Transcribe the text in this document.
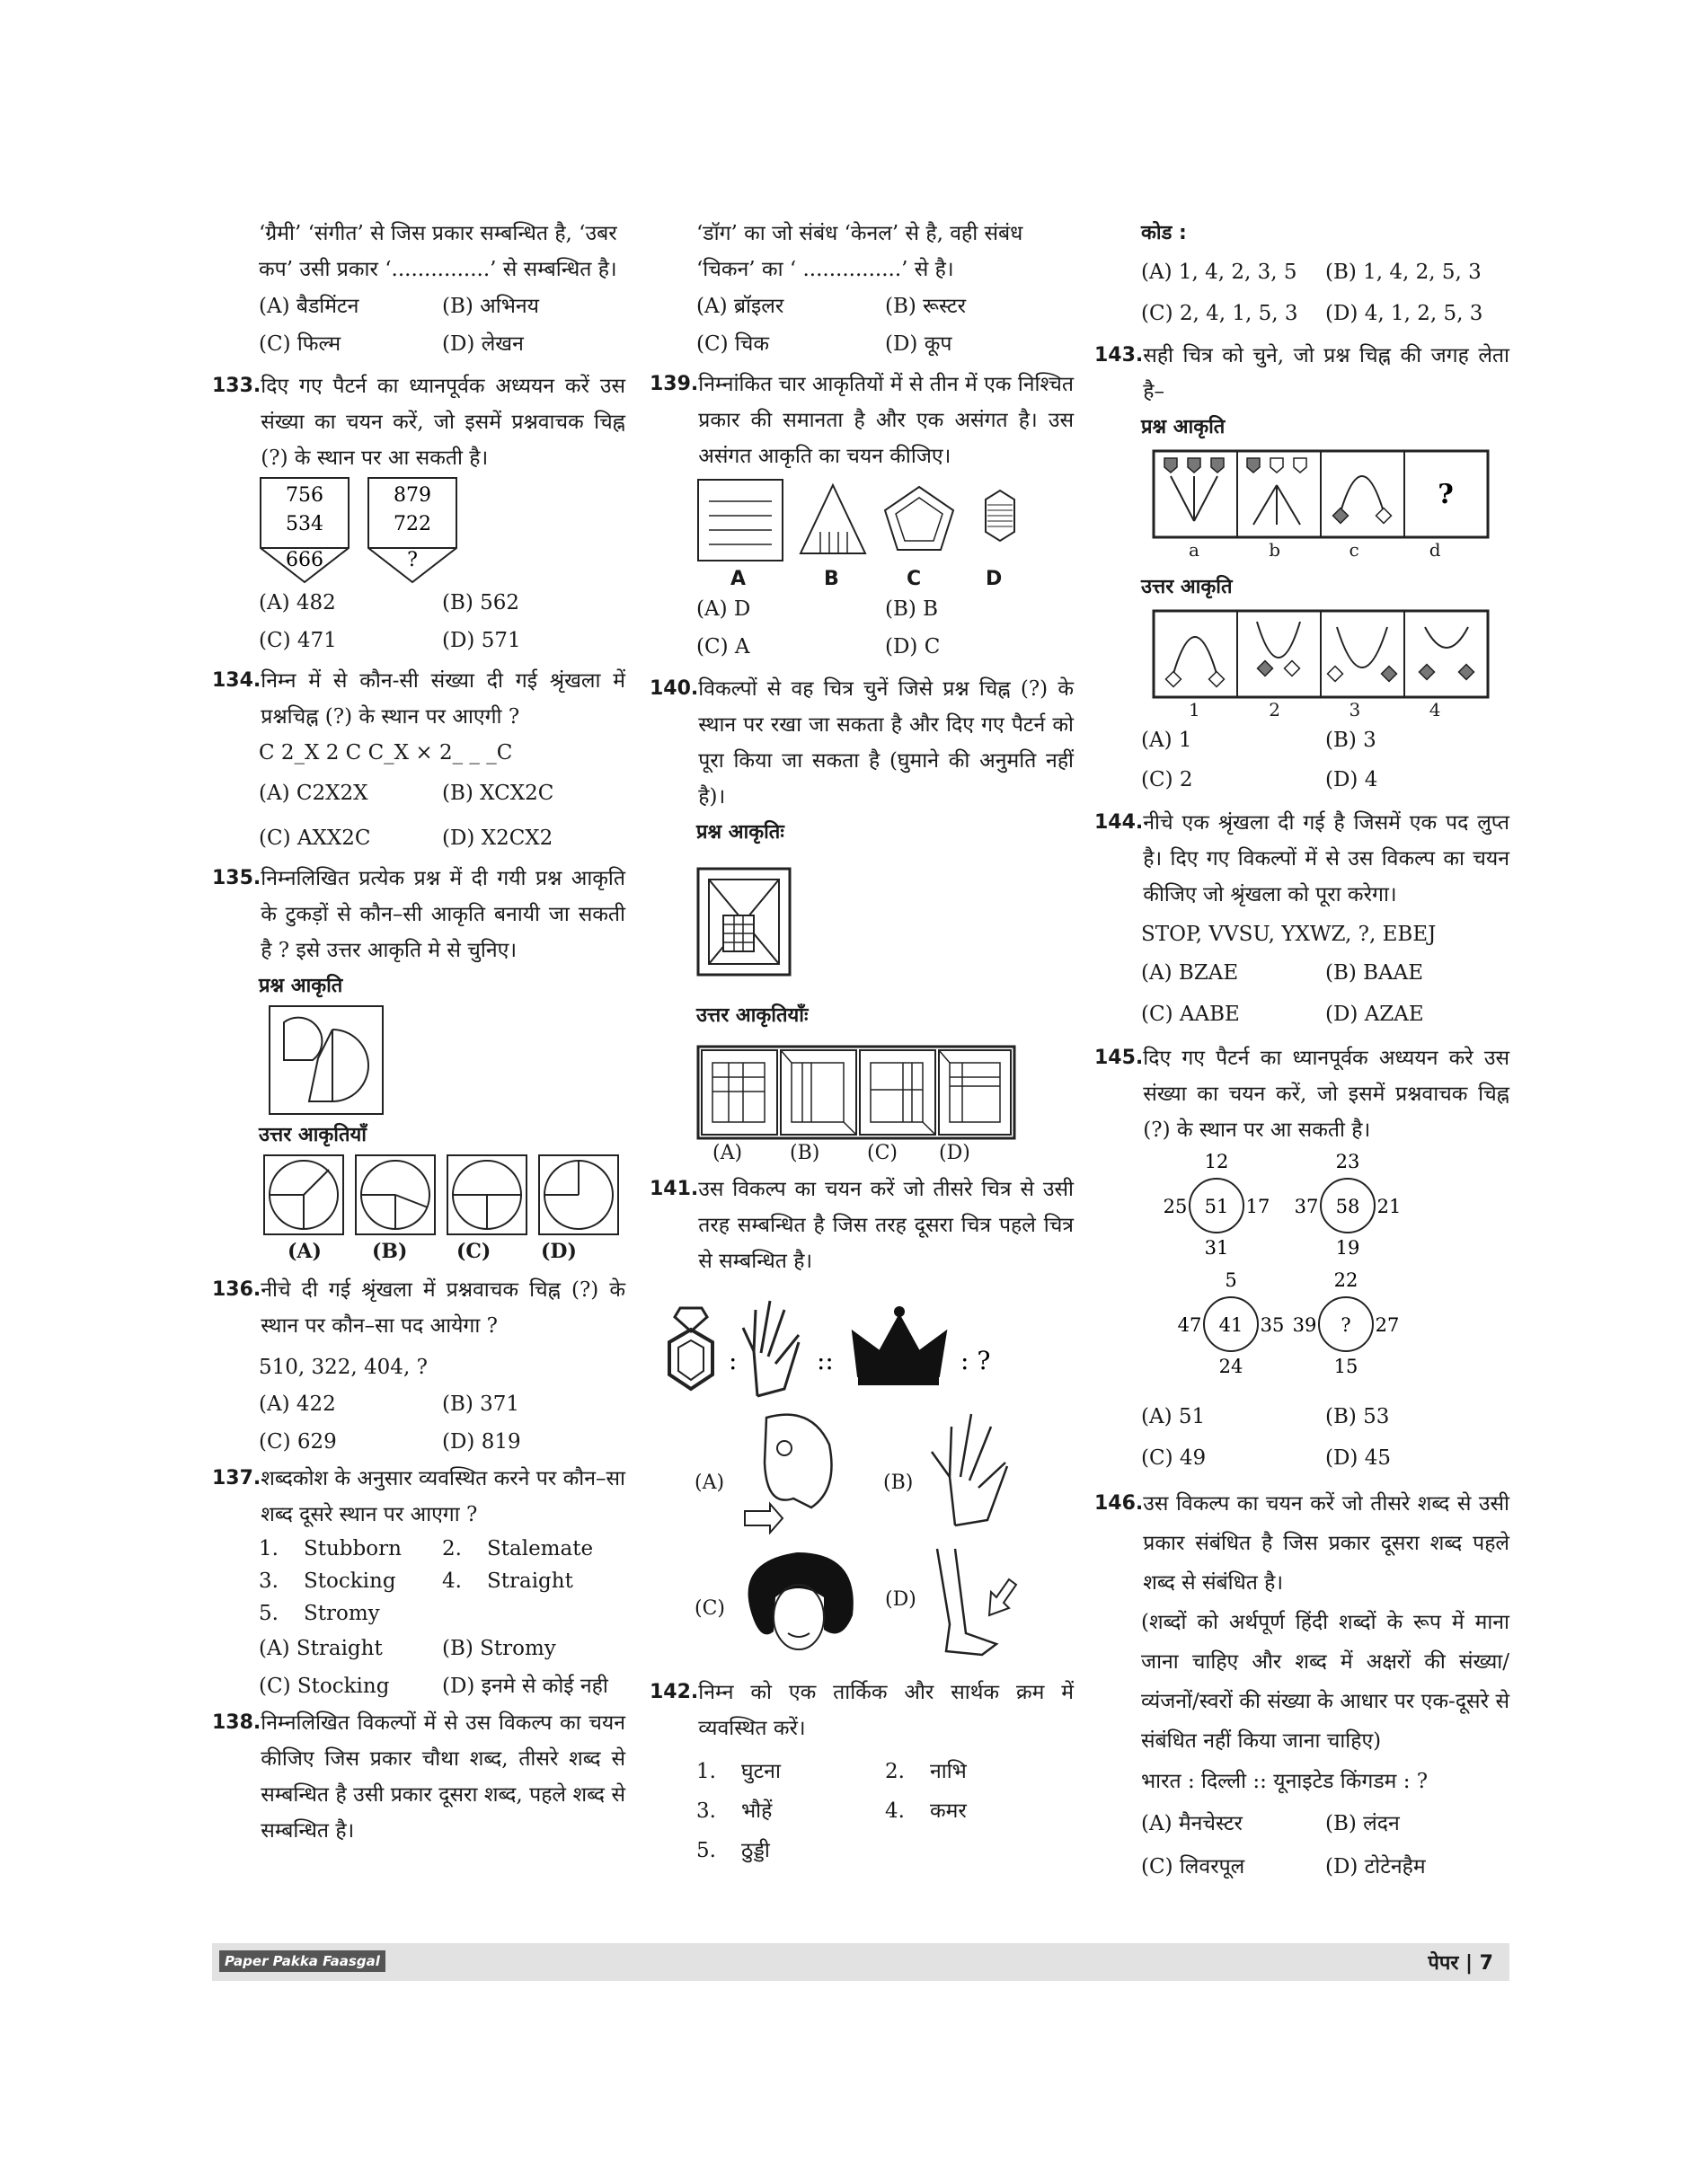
‘ग्रैमी’ ‘संगीत’ से जिस प्रकार सम्बन्धित है, ‘उबर
कप’ उसी प्रकार ‘...............’ से सम्बन्धित है।
(A) बैडमिंटन	(B) अभिनय
(C) फिल्म	(D) लेखन
133. दिए गए पैटर्न का ध्यानपूर्वक अध्ययन करें उस संख्या का चयन करें, जो इसमें प्रश्नवाचक चिह्न (?) के स्थान पर आ सकती है।
756
534
666
879
722
?
(A) 482	(B) 562
(C) 471	(D) 571
134. निम्न में से कौन-सी संख्या दी गई श्रृंखला में प्रश्नचिह्न (?) के स्थान पर आएगी ?
C 2_X 2 C C_X × 2_ _ _C
(A) C2X2X	(B) XCX2C
(C) AXX2C	(D) X2CX2
135. निम्नलिखित प्रत्येक प्रश्न में दी गयी प्रश्न आकृति के टुकड़ों से कौन–सी आकृति बनायी जा सकती है ? इसे उत्तर आकृति मे से चुनिए।
प्रश्न आकृति
उत्तर आकृतियाँ
(A)	(B)	(C)	(D)
136. नीचे दी गई श्रृंखला में प्रश्नवाचक चिह्न (?) के स्थान पर कौन–सा पद आयेगा ?
510, 322, 404, ?
(A) 422	(B) 371
(C) 629	(D) 819
137. शब्दकोश के अनुसार व्यवस्थित करने पर कौन–सा शब्द दूसरे स्थान पर आएगा ?
1.	Stubborn	2.	Stalemate
3.	Stocking	4.	Straight
5.	Stromy
(A) Straight	(B) Stromy
(C) Stocking	(D) इनमे से कोई नही
138. निम्नलिखित विकल्पों में से उस विकल्प का चयन कीजिए जिस प्रकार चौथा शब्द, तीसरे शब्द से सम्बन्धित है उसी प्रकार दूसरा शब्द, पहले शब्द से सम्बन्धित है।
‘डॉग’ का जो संबंध ‘केनल’ से है, वही संबंध
‘चिकन’ का ‘ ...............’ से है।
(A) ब्रॉइलर	(B) रूस्टर
(C) चिक	(D) कूप
139. निम्नांकित चार आकृतियों में से तीन में एक निश्चित प्रकार की समानता है और एक असंगत है। उस असंगत आकृति का चयन कीजिए।
A	B	C	D
(A) D	(B) B
(C) A	(D) C
140. विकल्पों से वह चित्र चुनें जिसे प्रश्न चिह्न (?) के स्थान पर रखा जा सकता है और दिए गए पैटर्न को पूरा किया जा सकता है (घुमाने की अनुमति नहीं है)।
प्रश्न आकृतिः
उत्तर आकृतियाँः
(A)	(B)	(C)	(D)
141. उस विकल्प का चयन करें जो तीसरे चित्र से उसी तरह सम्बन्धित है जिस तरह दूसरा चित्र पहले चित्र से सम्बन्धित है।
:	::	: ?
(A)	(B)
(C)	(D)
142. निम्न को एक तार्किक और सार्थक क्रम में व्यवस्थित करें।
1.	घुटना	2.	नाभि
3.	भौहें	4.	कमर
5.	ठुड्डी
कोड :
(A) 1, 4, 2, 3, 5	(B) 1, 4, 2, 5, 3
(C) 2, 4, 1, 5, 3	(D) 4, 1, 2, 5, 3
143. सही चित्र को चुने, जो प्रश्न चिह्न की जगह लेता है–
प्रश्न आकृति
?
a	b	c	d
उत्तर आकृति
1	2	3	4
(A) 1	(B) 3
(C) 2	(D) 4
144. नीचे एक श्रृंखला दी गई है जिसमें एक पद लुप्त है। दिए गए विकल्पों में से उस विकल्प का चयन कीजिए जो श्रृंखला को पूरा करेगा।
STOP, VVSU, YXWZ, ?, EBEJ
(A) BZAE	(B) BAAE
(C) AABE	(D) AZAE
145. दिए गए पैटर्न का ध्यानपूर्वक अध्ययन करे उस संख्या का चयन करें, जो इसमें प्रश्नवाचक चिह्न (?) के स्थान पर आ सकती है।
12
25 51 17
31
23
37 58 21
19
5
47 41 35
24
22
39 ? 27
15
(A) 51	(B) 53
(C) 49	(D) 45
146. उस विकल्प का चयन करें जो तीसरे शब्द से उसी प्रकार संबंधित है जिस प्रकार दूसरा शब्द पहले शब्द से संबंधित है।
(शब्दों को अर्थपूर्ण हिंदी शब्दों के रूप में माना जाना चाहिए और शब्द में अक्षरों की संख्या/व्यंजनों/स्वरों की संख्या के आधार पर एक-दूसरे से संबंधित नहीं किया जाना चाहिए)
भारत : दिल्ली :: यूनाइटेड किंगडम : ?
(A) मैनचेस्टर	(B) लंदन
(C) लिवरपूल	(D) टोटेनहैम
Paper Pakka Faasgal	पेपर | 7
